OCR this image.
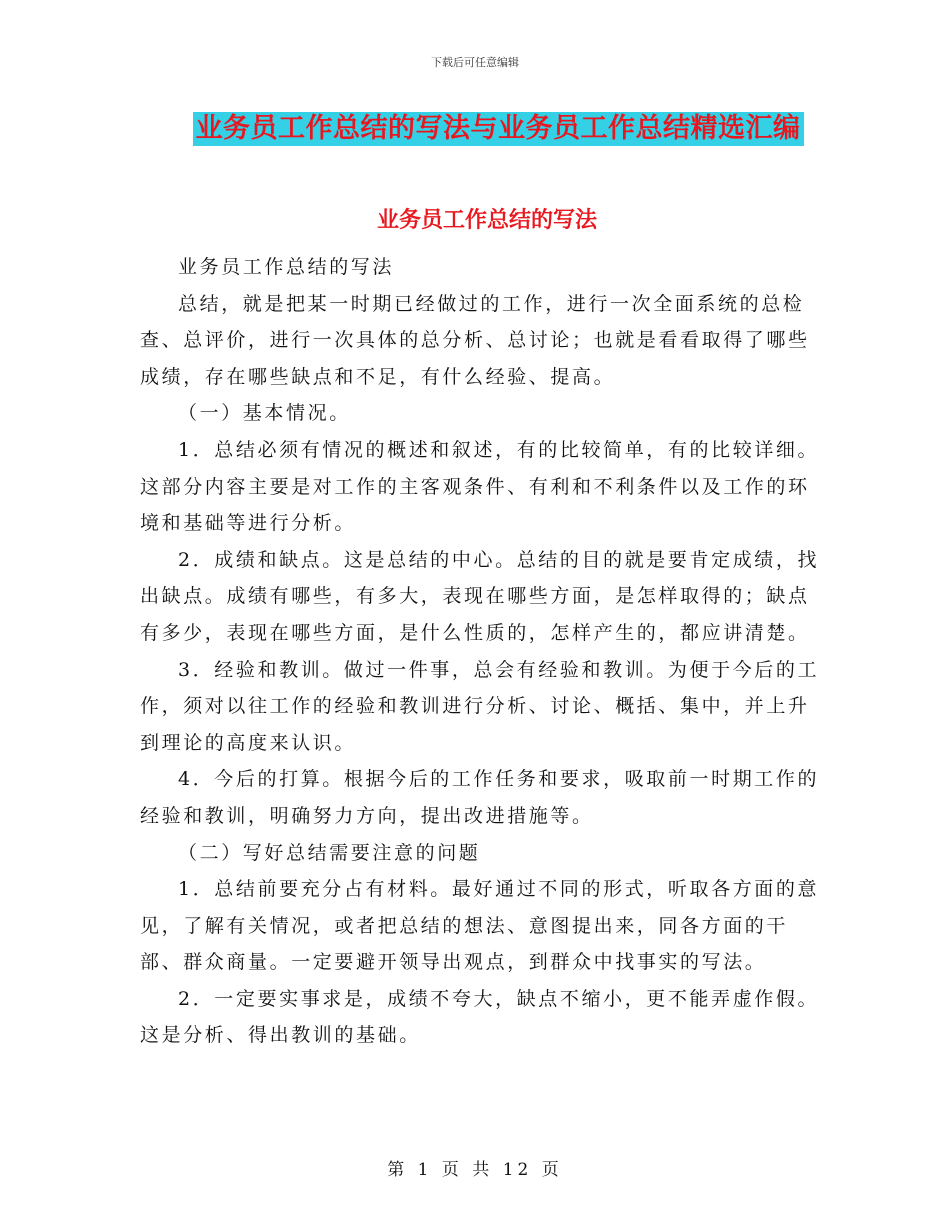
下载后可任意编辑
业务员工作总结的写法与业务员工作总结精选汇编
业务员工作总结的写法

业务员工作总结的写法

总结，就是把某一时期已经做过的工作，进行一次全面系统的总检查、总评价，进行一次具体的总分析、总讨论；也就是看看取得了哪些成绩，存在哪些缺点和不足，有什么经验、提高。

（一）基本情况。

1．总结必须有情况的概述和叙述，有的比较简单，有的比较详细。这部分内容主要是对工作的主客观条件、有利和不利条件以及工作的环境和基础等进行分析。

2．成绩和缺点。这是总结的中心。总结的目的就是要肯定成绩，找出缺点。成绩有哪些，有多大，表现在哪些方面，是怎样取得的；缺点有多少，表现在哪些方面，是什么性质的，怎样产生的，都应讲清楚。

3．经验和教训。做过一件事，总会有经验和教训。为便于今后的工作，须对以往工作的经验和教训进行分析、讨论、概括、集中，并上升到理论的高度来认识。

4．今后的打算。根据今后的工作任务和要求，吸取前一时期工作的经验和教训，明确努力方向，提出改进措施等。

（二）写好总结需要注意的问题

1．总结前要充分占有材料。最好通过不同的形式，听取各方面的意见，了解有关情况，或者把总结的想法、意图提出来，同各方面的干部、群众商量。一定要避开领导出观点，到群众中找事实的写法。

2．一定要实事求是，成绩不夸大，缺点不缩小，更不能弄虚作假。这是分析、得出教训的基础。

第 1 页 共 12 页
